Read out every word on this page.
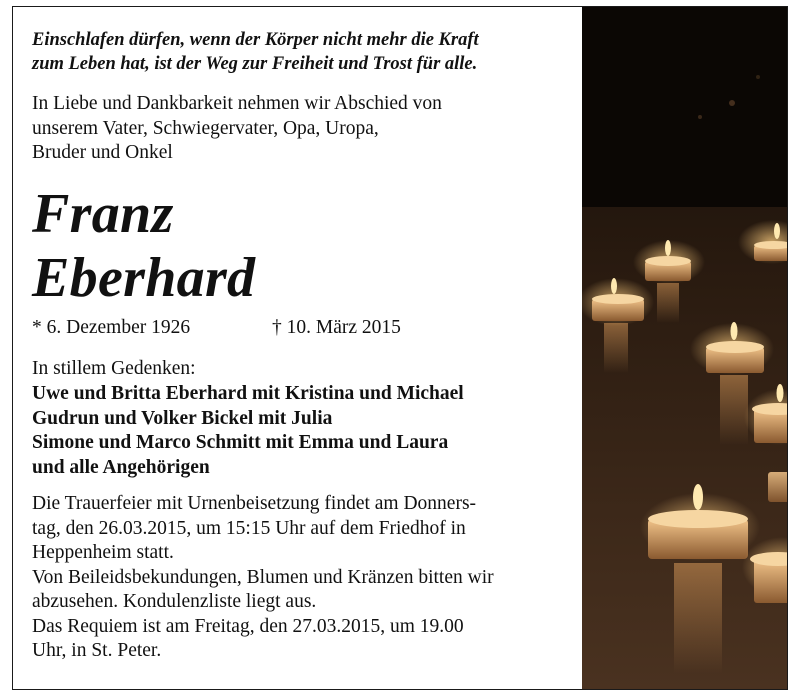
Einschlafen dürfen, wenn der Körper nicht mehr die Kraft
zum Leben hat, ist der Weg zur Freiheit und Trost für alle.
In Liebe und Dankbarkeit nehmen wir Abschied von
unserem Vater, Schwiegervater, Opa, Uropa,
Bruder und Onkel
Franz
Eberhard
* 6. Dezember 1926	† 10. März 2015
In stillem Gedenken:
Uwe und Britta Eberhard mit Kristina und Michael
Gudrun und Volker Bickel mit Julia
Simone und Marco Schmitt mit Emma und Laura
und alle Angehörigen
Die Trauerfeier mit Urnenbeisetzung findet am Donners-
tag, den 26.03.2015, um 15:15 Uhr auf dem Friedhof in
Heppenheim statt.
Von Beileidsbekundungen, Blumen und Kränzen bitten wir
abzusehen. Kondulenzliste liegt aus.
Das Requiem ist am Freitag, den 27.03.2015, um 19.00
Uhr, in St. Peter.
